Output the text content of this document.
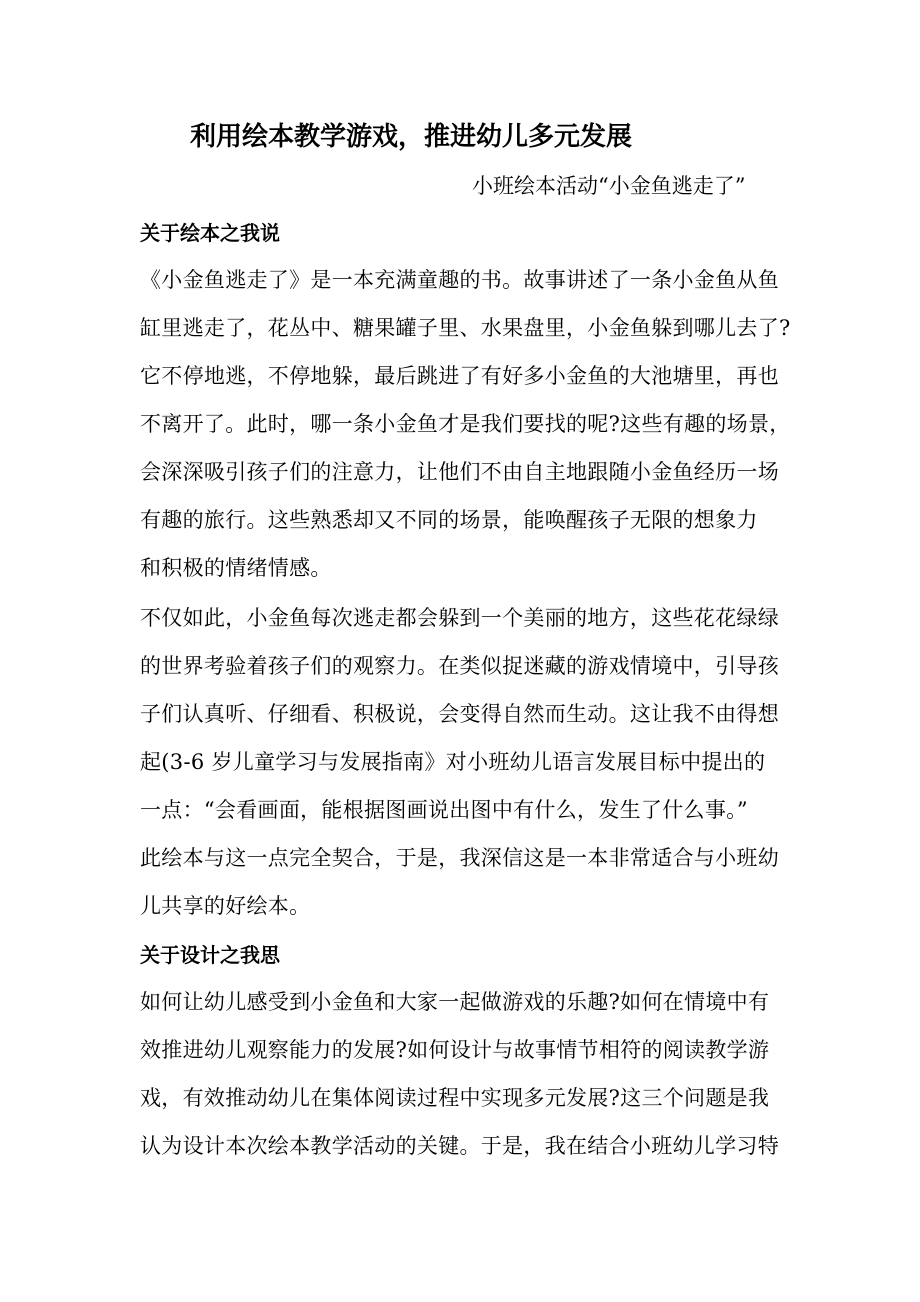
利用绘本教学游戏，推进幼儿多元发展
小班绘本活动“小金鱼逃走了”
关于绘本之我说
《小金鱼逃走了》是一本充满童趣的书。故事讲述了一条小金鱼从鱼
缸里逃走了，花丛中、糖果罐子里、水果盘里，小金鱼躲到哪儿去了?
它不停地逃，不停地躲，最后跳进了有好多小金鱼的大池塘里，再也
不离开了。此时，哪一条小金鱼才是我们要找的呢?这些有趣的场景，
会深深吸引孩子们的注意力，让他们不由自主地跟随小金鱼经历一场
有趣的旅行。这些熟悉却又不同的场景，能唤醒孩子无限的想象力
和积极的情绪情感。
不仅如此，小金鱼每次逃走都会躲到一个美丽的地方，这些花花绿绿
的世界考验着孩子们的观察力。在类似捉迷藏的游戏情境中，引导孩
子们认真听、仔细看、积极说，会变得自然而生动。这让我不由得想
起(3-6 岁儿童学习与发展指南》对小班幼儿语言发展目标中提出的
一点：“会看画面，能根据图画说出图中有什么，发生了什么事。”
此绘本与这一点完全契合，于是，我深信这是一本非常适合与小班幼
儿共享的好绘本。
关于设计之我思
如何让幼儿感受到小金鱼和大家一起做游戏的乐趣?如何在情境中有
效推进幼儿观察能力的发展?如何设计与故事情节相符的阅读教学游
戏，有效推动幼儿在集体阅读过程中实现多元发展?这三个问题是我
认为设计本次绘本教学活动的关键。于是，我在结合小班幼儿学习特
